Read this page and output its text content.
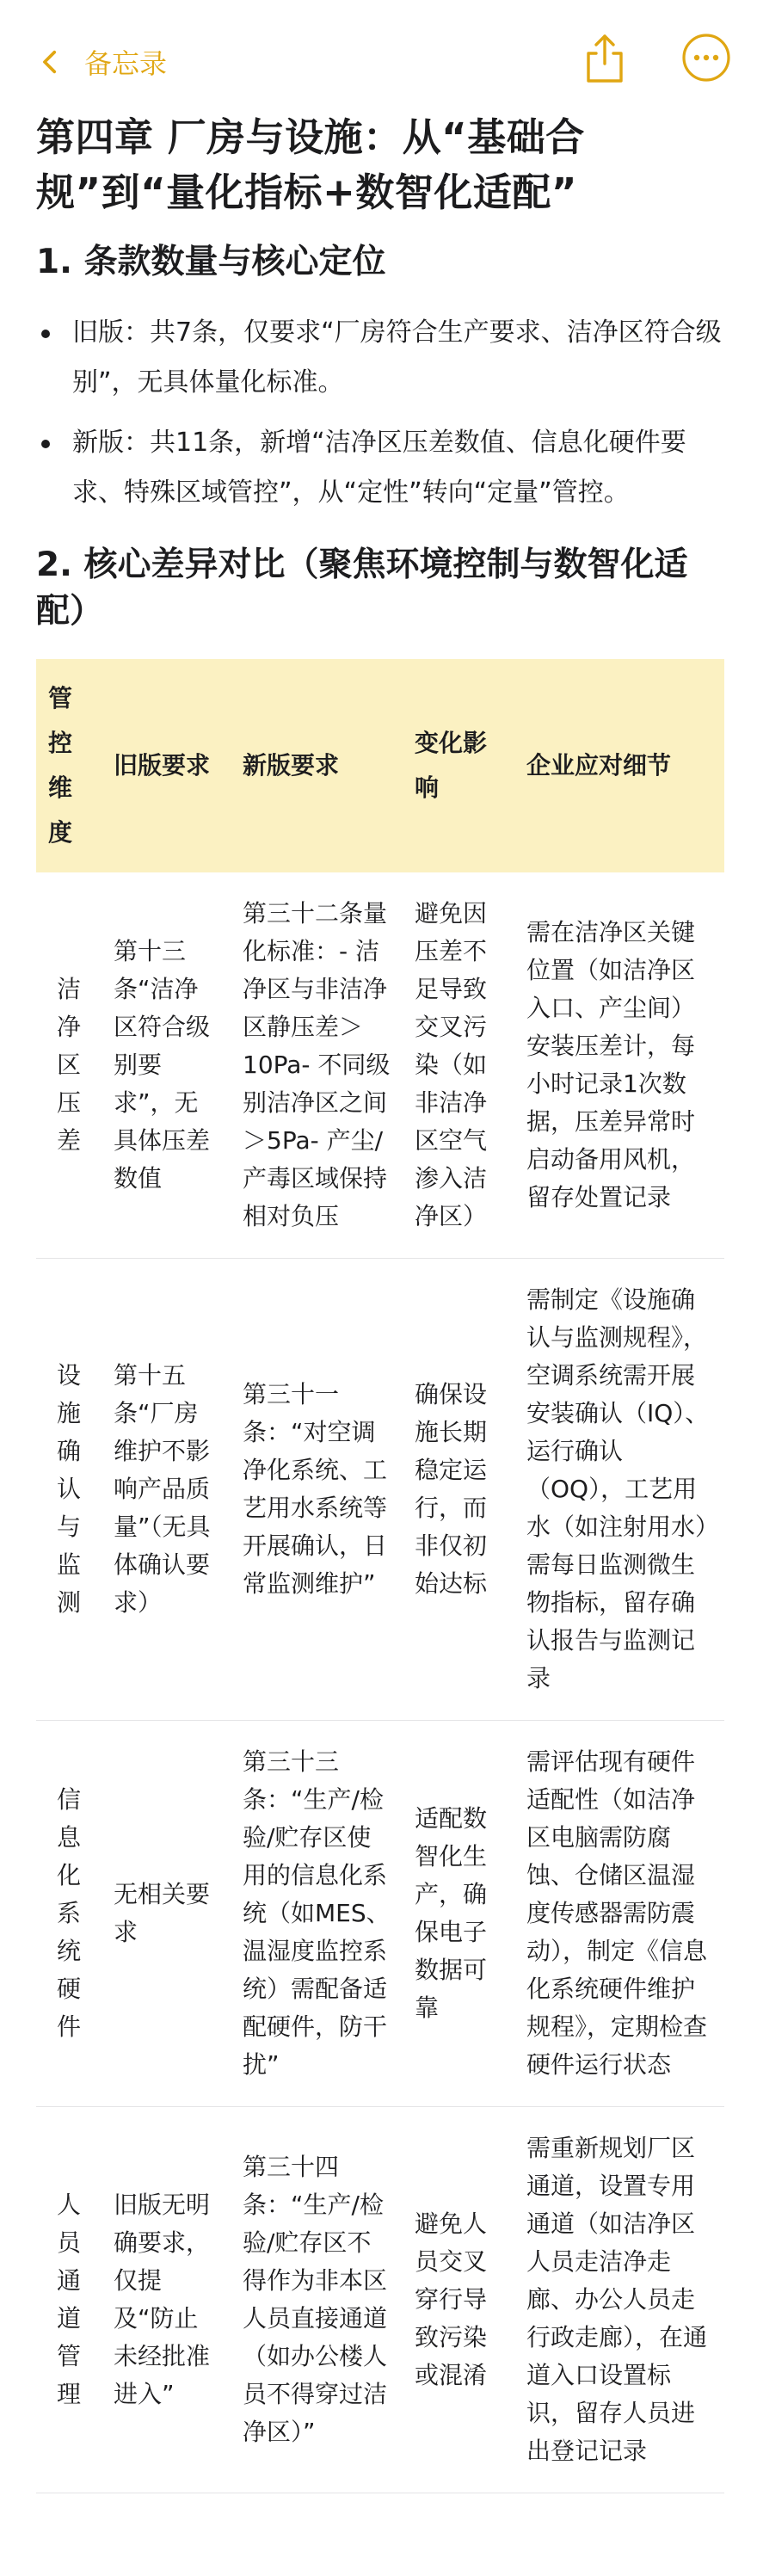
备忘录
第四章 厂房与设施：从“基础合规”到“量化指标+数智化适配”
1. 条款数量与核心定位
旧版：共7条，仅要求“厂房符合生产要求、洁净区符合级别”，无具体量化标准。
新版：共11条，新增“洁净区压差数值、信息化硬件要求、特殊区域管控”，从“定性”转向“定量”管控。
2. 核心差异对比（聚焦环境控制与数智化适配）
管控维度	旧版要求	新版要求	变化影响	企业应对细节
洁净区压差	第十三条“洁净区符合级别要求”，无具体压差数值	第三十二条量化标准：- 洁净区与非洁净区静压差＞10Pa- 不同级别洁净区之间＞5Pa- 产尘/产毒区域保持相对负压	避免因压差不足导致交叉污染（如非洁净区空气渗入洁净区）	需在洁净区关键位置（如洁净区入口、产尘间）安装压差计，每小时记录1次数据，压差异常时启动备用风机，留存处置记录
设施确认与监测	第十五条“厂房维护不影响产品质量”（无具体确认要求）	第三十一条：“对空调净化系统、工艺用水系统等开展确认，日常监测维护”	确保设施长期稳定运行，而非仅初始达标	需制定《设施确认与监测规程》，空调系统需开展安装确认（IQ）、运行确认（OQ），工艺用水（如注射用水）需每日监测微生物指标，留存确认报告与监测记录
信息化系统硬件	无相关要求	第三十三条：“生产/检验/贮存区使用的信息化系统（如MES、温湿度监控系统）需配备适配硬件，防干扰”	适配数智化生产，确保电子数据可靠	需评估现有硬件适配性（如洁净区电脑需防腐蚀、仓储区温湿度传感器需防震动），制定《信息化系统硬件维护规程》，定期检查硬件运行状态
人员通道管理	旧版无明确要求，仅提及“防止未经批准进入”	第三十四条：“生产/检验/贮存区不得作为非本区人员直接通道（如办公楼人员不得穿过洁净区）”	避免人员交叉穿行导致污染或混淆	需重新规划厂区通道，设置专用通道（如洁净区人员走洁净走廊、办公人员走行政走廊），在通道入口设置标识，留存人员进出登记记录
